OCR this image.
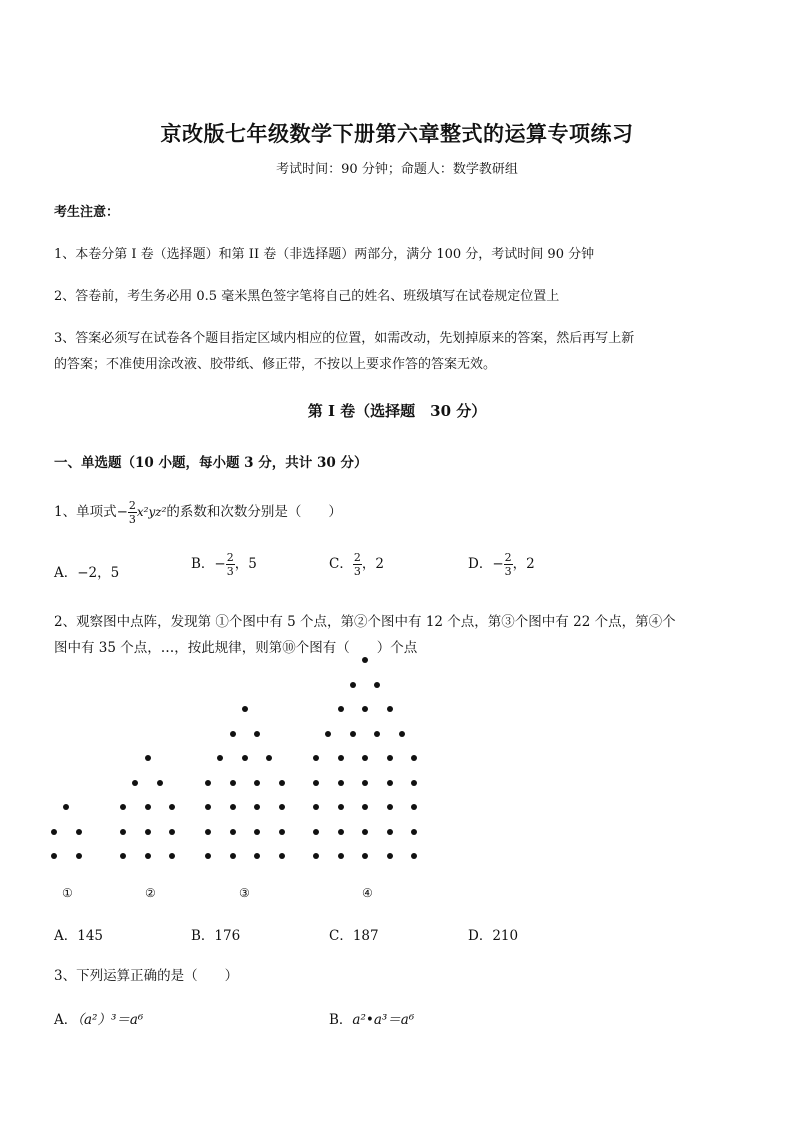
京改版七年级数学下册第六章整式的运算专项练习
考试时间：90 分钟；命题人：数学教研组
考生注意：
1、本卷分第 I 卷（选择题）和第 II 卷（非选择题）两部分，满分 100 分，考试时间 90 分钟
2、答卷前，考生务必用 0.5 毫米黑色签字笔将自己的姓名、班级填写在试卷规定位置上
3、答案必须写在试卷各个题目指定区域内相应的位置，如需改动，先划掉原来的答案，然后再写上新
的答案；不准使用涂改液、胶带纸、修正带，不按以上要求作答的答案无效。
第 I 卷（选择题　30 分）
一、单选题（10 小题，每小题 3 分，共计 30 分）
1、单项式− $\frac{2}{3} x^2yz^2$的系数和次数分别是（　　）
A．−2，5
B．− $\frac{2}{3}$ ，5	C． $\frac{2}{3}$ ，2	D．− $\frac{2}{3}$ ，2
2、观察图中点阵，发现第 ①个图中有 5 个点，第②个图中有 12 个点，第③个图中有 22 个点，第④个
图中有 35 个点，…，按此规律，则第⑩个图有（　　）个点
①	②	③	④
A．145	B．176	C．187	D．210
3、下列运算正确的是（　　）
A．（a²）³＝a⁶	B．a²•a³＝a⁶
